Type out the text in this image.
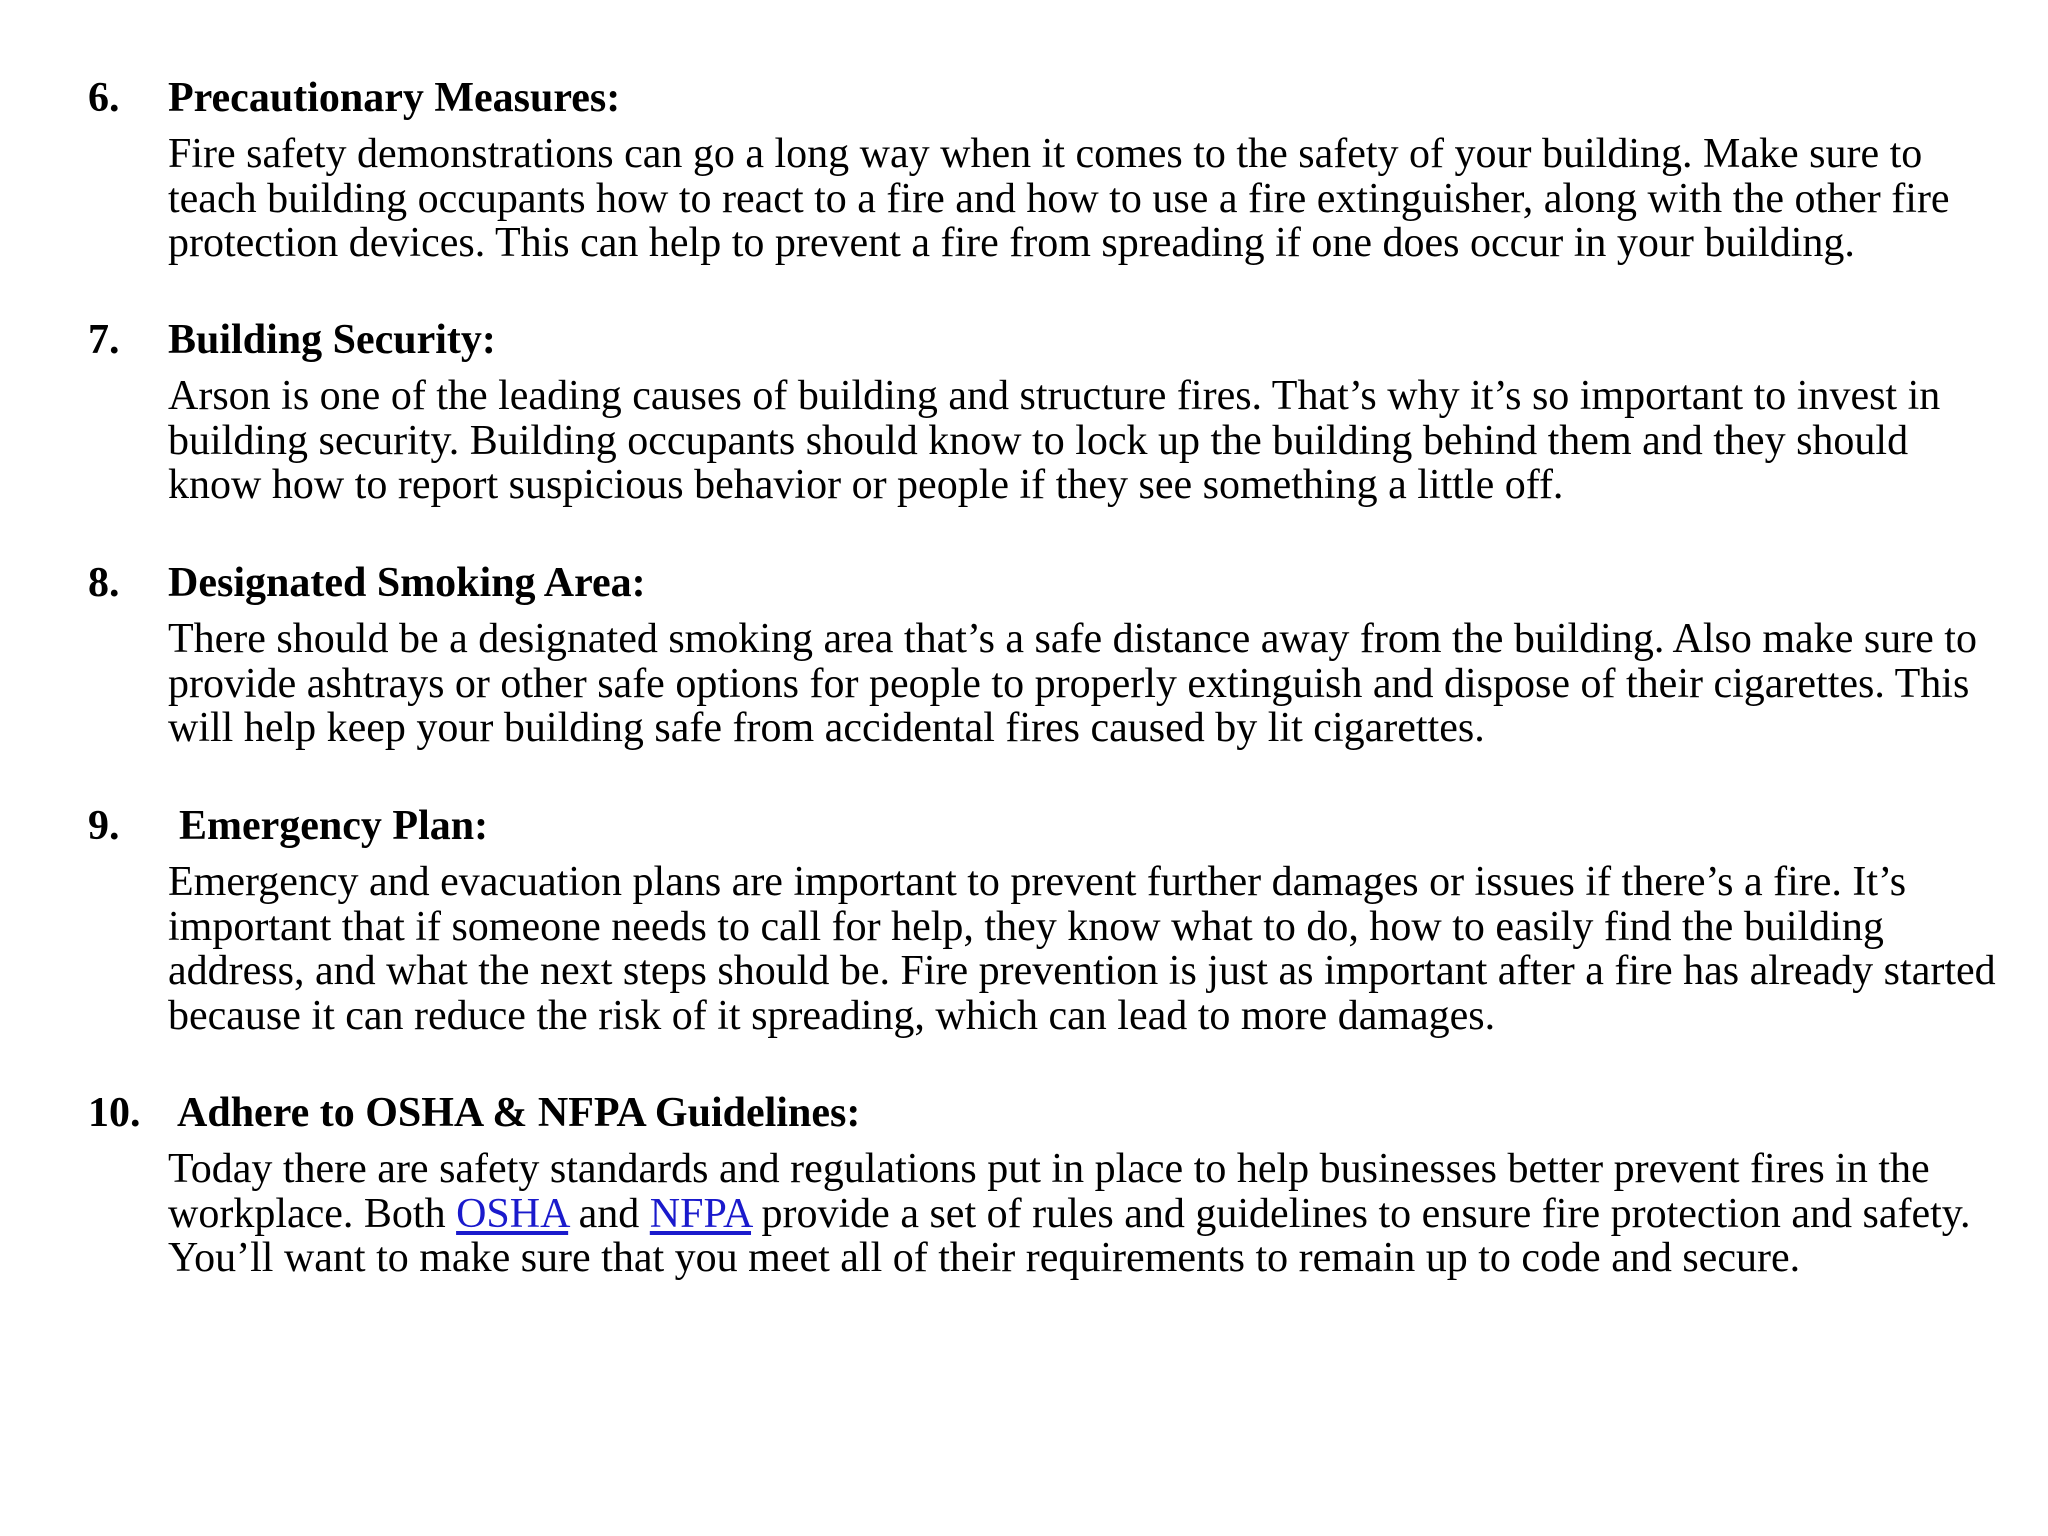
6. Precautionary Measures:
Fire safety demonstrations can go a long way when it comes to the safety of your building. Make sure to teach building occupants how to react to a fire and how to use a fire extinguisher, along with the other fire protection devices. This can help to prevent a fire from spreading if one does occur in your building.
7. Building Security:
Arson is one of the leading causes of building and structure fires. That’s why it’s so important to invest in building security. Building occupants should know to lock up the building behind them and they should know how to report suspicious behavior or people if they see something a little off.
8. Designated Smoking Area:
There should be a designated smoking area that’s a safe distance away from the building. Also make sure to provide ashtrays or other safe options for people to properly extinguish and dispose of their cigarettes. This will help keep your building safe from accidental fires caused by lit cigarettes.
9. Emergency Plan:
Emergency and evacuation plans are important to prevent further damages or issues if there’s a fire. It’s important that if someone needs to call for help, they know what to do, how to easily find the building address, and what the next steps should be. Fire prevention is just as important after a fire has already started because it can reduce the risk of it spreading, which can lead to more damages.
10. Adhere to OSHA & NFPA Guidelines:
Today there are safety standards and regulations put in place to help businesses better prevent fires in the workplace. Both OSHA and NFPA provide a set of rules and guidelines to ensure fire protection and safety. You’ll want to make sure that you meet all of their requirements to remain up to code and secure.
